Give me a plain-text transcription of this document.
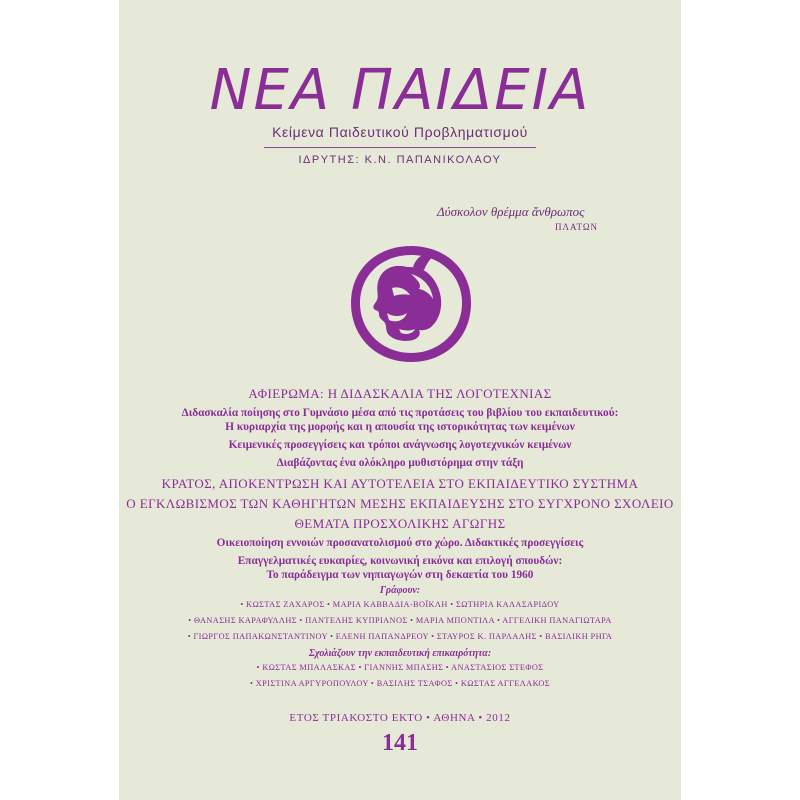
ΝΕΑ ΠΑΙΔΕΙΑ
Κείμενα Παιδευτικού Προβληματισμού
ΙΔΡΥΤΗΣ: Κ.Ν. ΠΑΠΑΝΙΚΟΛΑΟΥ
Δύσκολον θρέμμα ἄνθρωπος
ΠΛΑΤΩΝ
ΑΦΙΕΡΩΜΑ: Η ΔΙΔΑΣΚΑΛΙΑ ΤΗΣ ΛΟΓΟΤΕΧΝΙΑΣ
Διδασκαλία ποίησης στο Γυμνάσιο μέσα από τις προτάσεις του βιβλίου του εκπαιδευτικού:
Η κυριαρχία της μορφής και η απουσία της ιστορικότητας των κειμένων
Κειμενικές προσεγγίσεις και τρόποι ανάγνωσης λογοτεχνικών κειμένων
Διαβάζοντας ένα ολόκληρο μυθιστόρημα στην τάξη
ΚΡΑΤΟΣ, ΑΠΟΚΕΝΤΡΩΣΗ ΚΑΙ ΑΥΤΟΤΕΛΕΙΑ ΣΤΟ ΕΚΠΑΙΔΕΥΤΙΚΟ ΣΥΣΤΗΜΑ
Ο ΕΓΚΛΩΒΙΣΜΟΣ ΤΩΝ ΚΑΘΗΓΗΤΩΝ ΜΕΣΗΣ ΕΚΠΑΙΔΕΥΣΗΣ ΣΤΟ ΣΥΓΧΡΟΝΟ ΣΧΟΛΕΙΟ
ΘΕΜΑΤΑ ΠΡΟΣΧΟΛΙΚΗΣ ΑΓΩΓΗΣ
Οικειοποίηση εννοιών προσανατολισμού στο χώρο. Διδακτικές προσεγγίσεις
Επαγγελματικές ευκαιρίες, κοινωνική εικόνα και επιλογή σπουδών:
Το παράδειγμα των νηπιαγωγών στη δεκαετία του 1960
Γράφουν:
• ΚΩΣΤΑΣ ΖΑΧΑΡΟΣ • ΜΑΡΙΑ ΚΑΒΒΑΔΙΑ-ΒΟΪΚΛΗ • ΣΩΤΗΡΙΑ ΚΑΛΑΣΑΡΙΔΟΥ
• ΘΑΝΑΣΗΣ ΚΑΡΑΦΥΛΛΗΣ • ΠΑΝΤΕΛΗΣ ΚΥΠΡΙΑΝΟΣ • ΜΑΡΙΑ ΜΠΟΝΤΙΛΑ • ΑΓΓΕΛΙΚΗ ΠΑΝΑΓΙΩΤΑΡΑ
• ΓΙΩΡΓΟΣ ΠΑΠΑΚΩΝΣΤΑΝΤΙΝΟΥ • ΕΛΕΝΗ ΠΑΠΑΝΔΡΕΟΥ • ΣΤΑΥΡΟΣ Κ. ΠΑΡΛΑΛΗΣ • ΒΑΣΙΛΙΚΗ ΡΗΓΑ
Σχολιάζουν την εκπαιδευτική επικαιρότητα:
• ΚΩΣΤΑΣ ΜΠΑΛΑΣΚΑΣ • ΓΙΑΝΝΗΣ ΜΠΑΣΗΣ • ΑΝΑΣΤΑΣΙΟΣ ΣΤΕΦΟΣ
• ΧΡΙΣΤΙΝΑ ΑΡΓΥΡΟΠΟΥΛΟΥ • ΒΑΣΙΛΗΣ ΤΣΑΦΟΣ • ΚΩΣΤΑΣ ΑΓΓΕΛΑΚΟΣ
ΕΤΟΣ ΤΡΙΑΚΟΣΤΟ ΕΚΤΟ • ΑΘΗΝΑ • 2012
141
